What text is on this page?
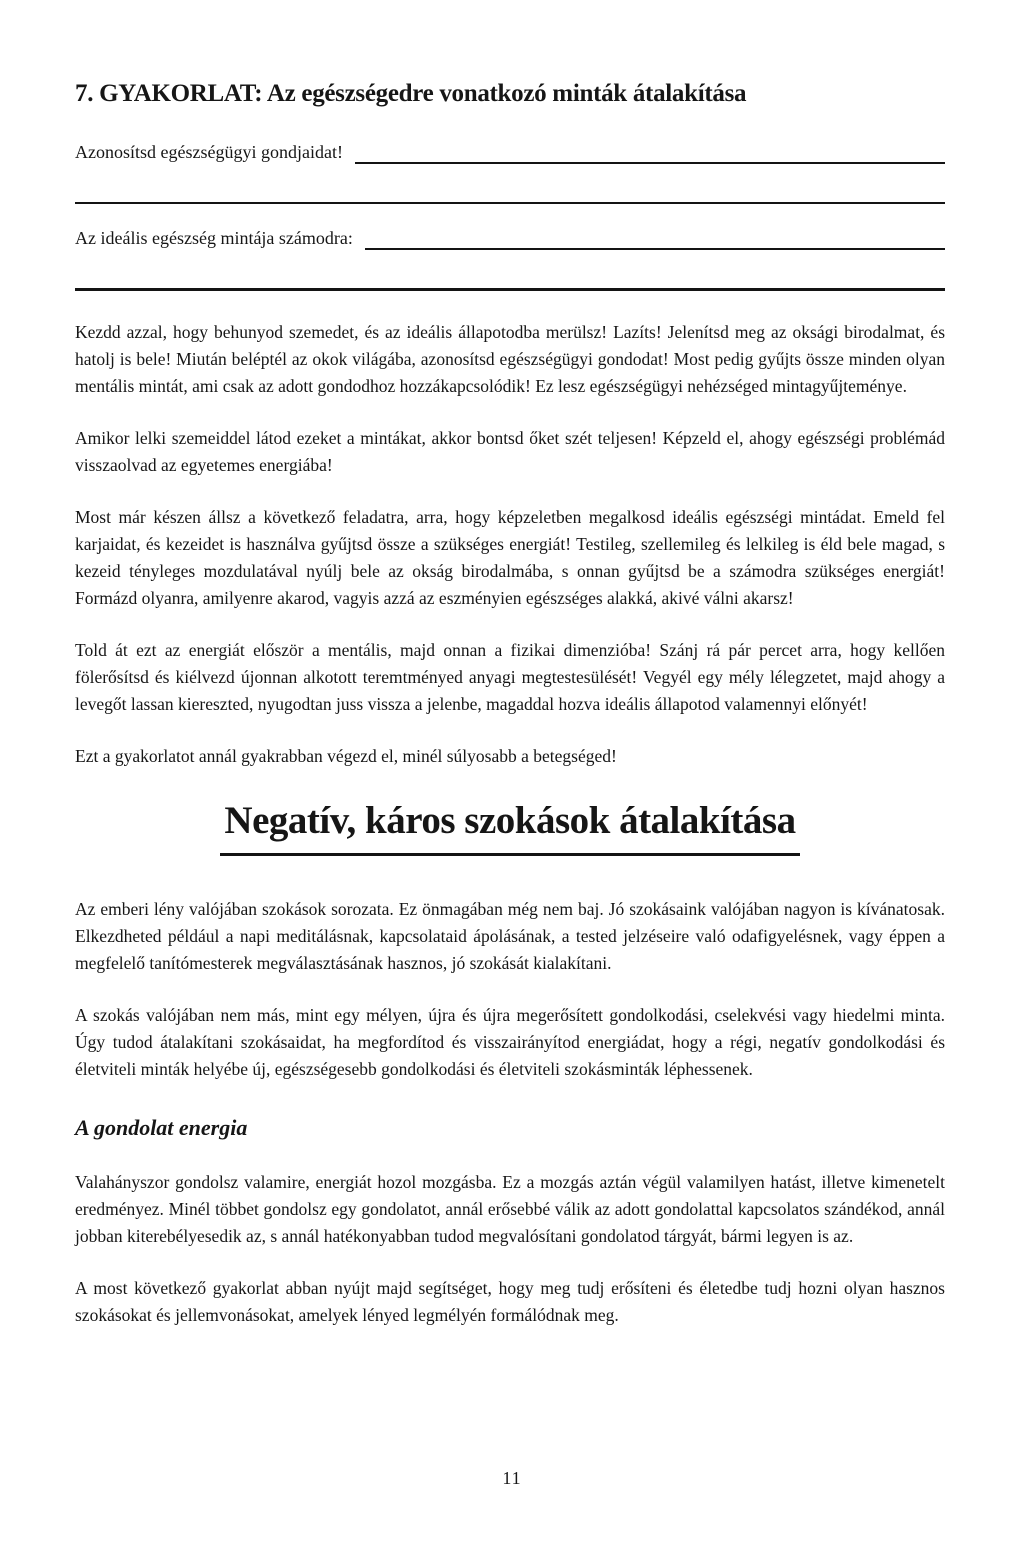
7. GYAKORLAT: Az egészségedre vonatkozó minták átalakítása
Azonosítsd egészségügyi gondjaidat!
Az ideális egészség mintája számodra:

Kezdd azzal, hogy behunyod szemedet, és az ideális állapotodba merülsz! Lazíts! Jelenítsd meg az oksági birodalmat, és hatolj is bele! Miután beléptél az okok világába, azonosítsd egészségügyi gondodat! Most pedig gyűjts össze minden olyan mentális mintát, ami csak az adott gondodhoz hozzákapcsolódik! Ez lesz egészségügyi nehézséged mintagyűjteménye.

Amikor lelki szemeiddel látod ezeket a mintákat, akkor bontsd őket szét teljesen! Képzeld el, ahogy egészségi problémád visszaolvad az egyetemes energiába!

Most már készen állsz a következő feladatra, arra, hogy képzeletben megalkosd ideális egészségi mintádat. Emeld fel karjaidat, és kezeidet is használva gyűjtsd össze a szükséges energiát! Testileg, szellemileg és lelkileg is éld bele magad, s kezeid tényleges mozdulatával nyúlj bele az okság birodalmába, s onnan gyűjtsd be a számodra szükséges energiát! Formázd olyanra, amilyenre akarod, vagyis azzá az eszményien egészséges alakká, akivé válni akarsz!

Told át ezt az energiát először a mentális, majd onnan a fizikai dimenzióba! Szánj rá pár percet arra, hogy kellően fölerősítsd és kiélvezd újonnan alkotott teremtményed anyagi megtestesülését! Vegyél egy mély lélegzetet, majd ahogy a levegőt lassan kiereszted, nyugodtan juss vissza a jelenbe, magaddal hozva ideális állapotod valamennyi előnyét!

Ezt a gyakorlatot annál gyakrabban végezd el, minél súlyosabb a betegséged!

Negatív, káros szokások átalakítása

Az emberi lény valójában szokások sorozata. Ez önmagában még nem baj. Jó szokásaink valójában nagyon is kívánatosak. Elkezdheted például a napi meditálásnak, kapcsolataid ápolásának, a tested jelzéseire való odafigyelésnek, vagy éppen a megfelelő tanítómesterek megválasztásának hasznos, jó szokását kialakítani.

A szokás valójában nem más, mint egy mélyen, újra és újra megerősített gondolkodási, cselekvési vagy hiedelmi minta. Úgy tudod átalakítani szokásaidat, ha megfordítod és visszairányítod energiádat, hogy a régi, negatív gondolkodási és életviteli minták helyébe új, egészségesebb gondolkodási és életviteli szokásminták léphessenek.

A gondolat energia

Valahányszor gondolsz valamire, energiát hozol mozgásba. Ez a mozgás aztán végül valamilyen hatást, illetve kimenetelt eredményez. Minél többet gondolsz egy gondolatot, annál erősebbé válik az adott gondolattal kapcsolatos szándékod, annál jobban kiterebélyesedik az, s annál hatékonyabban tudod megvalósítani gondolatod tárgyát, bármi legyen is az.

A most következő gyakorlat abban nyújt majd segítséget, hogy meg tudj erősíteni és életedbe tudj hozni olyan hasznos szokásokat és jellemvonásokat, amelyek lényed legmélyén formálódnak meg.

11
